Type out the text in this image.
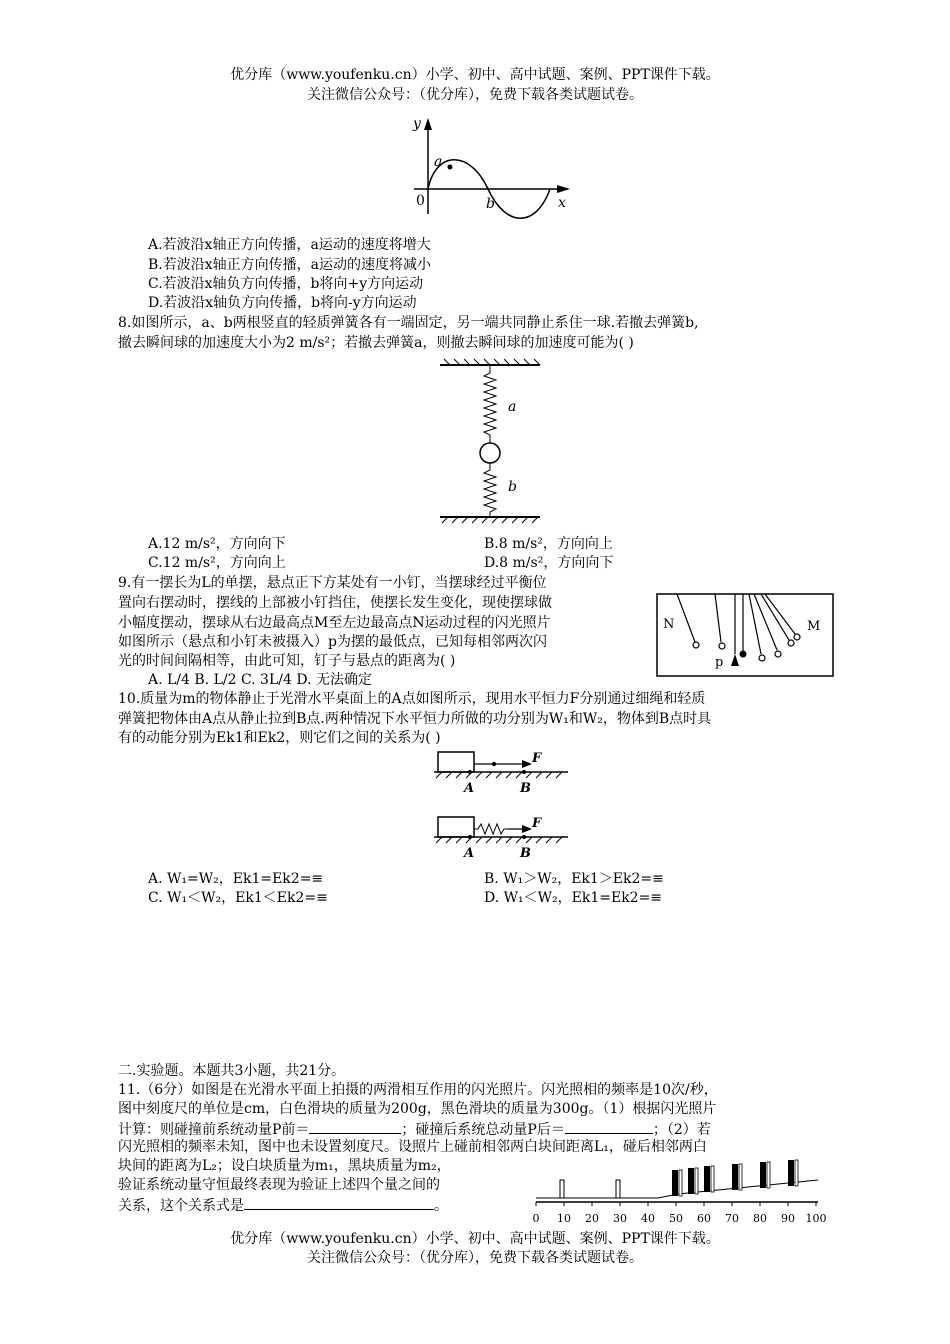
优分库（www.youfenku.cn）小学、初中、高中试题、案例、PPT课件下载。
关注微信公众号：（优分库），免费下载各类试题试卷。
y
x
0
a
b
A.若波沿x轴正方向传播，a运动的速度将增大
B.若波沿x轴正方向传播，a运动的速度将减小
C.若波沿x轴负方向传播，b将向+y方向运动
D.若波沿x轴负方向传播，b将向-y方向运动
8.如图所示，a、b两根竖直的轻质弹簧各有一端固定，另一端共同静止系住一球.若撤去弹簧b,
撤去瞬间球的加速度大小为2 m/s²；若撤去弹簧a，则撤去瞬间球的加速度可能为( )
a
b
A.12 m/s²，方向向下	B.8 m/s²，方向向上
C.12 m/s²，方向向上	D.8 m/s²，方向向下
9.有一摆长为L的单摆，悬点正下方某处有一小钉，当摆球经过平衡位
置向右摆动时，摆线的上部被小钉挡住，使摆长发生变化，现使摆球做
小幅度摆动，摆球从右边最高点M至左边最高点N运动过程的闪光照片
如图所示（悬点和小钉未被摄入）p为摆的最低点，已知每相邻两次闪
光的时间间隔相等，由此可知，钉子与悬点的距离为( )
A. L/4 B. L/2 C. 3L/4 D. 无法确定
N	M
p
10.质量为m的物体静止于光滑水平桌面上的A点如图所示，现用水平恒力F分别通过细绳和轻质
弹簧把物体由A点从静止拉到B点.两种情况下水平恒力所做的功分别为W₁和W₂，物体到B点时具
有的动能分别为Ek1和Ek2，则它们之间的关系为( )
F
A	B
F
A	B
A. W₁=W₂，Ek1=Ek2=≡	B. W₁＞W₂，Ek1＞Ek2=≡
C. W₁＜W₂，Ek1＜Ek2=≡	D. W₁＜W₂，Ek1=Ek2=≡
二.实验题。本题共3小题，共21分。
11.（6分）如图是在光滑水平面上拍摄的两滑相互作用的闪光照片。闪光照相的频率是10次/秒，
图中刻度尺的单位是cm，白色滑块的质量为200g，黑色滑块的质量为300g。（1）根据闪光照片
计算：则碰撞前系统动量P前＝	；碰撞后系统总动量P后＝	；（2）若
闪光照相的频率未知，图中也未设置刻度尺。设照片上碰前相邻两白块间距离L₁，碰后相邻两白
块间的距离为L₂；设白块质量为m₁，黑块质量为m₂，
验证系统动量守恒最终表现为验证上述四个量之间的
关系，这个关系式是	。
0 10 20 30 40 50 60 70 80 90 100
优分库（www.youfenku.cn）小学、初中、高中试题、案例、PPT课件下载。
关注微信公众号：（优分库），免费下载各类试题试卷。
